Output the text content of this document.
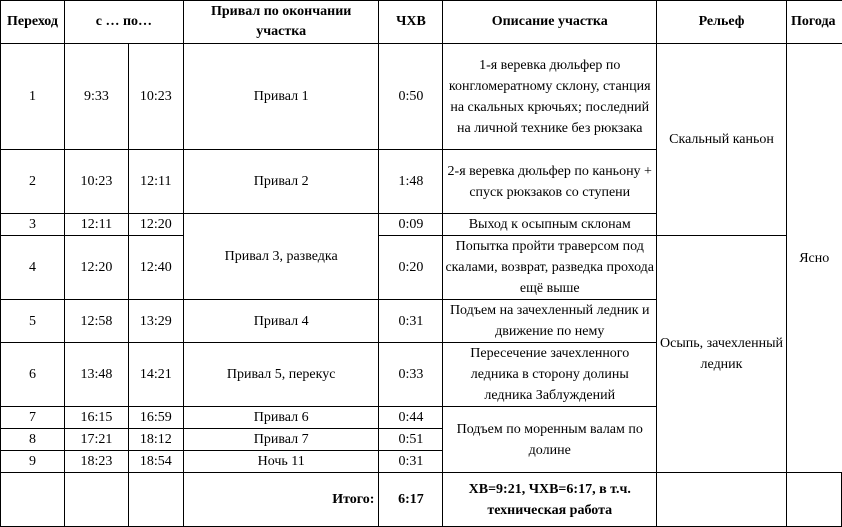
Переход	с … по…		Привал по окончании участка	ЧХВ	Описание участка	Рельеф	Погода
1	9:33	10:23	Привал 1	0:50	1-я веревка дюльфер по конгломератному склону, станция на скальных крючьях; последний на личной технике без рюкзака	Скальный каньон	Ясно
2	10:23	12:11	Привал 2	1:48	2-я веревка дюльфер по каньону + спуск рюкзаков со ступени		
3	12:11	12:20	Привал 3, разведка	0:09	Выход к осыпным склонам		
4	12:20	12:40		0:20	Попытка пройти траверсом под скалами, возврат, разведка прохода ещё выше	Осыпь, зачехленный ледник	
5	12:58	13:29	Привал 4	0:31	Подъем на зачехленный ледник и движение по нему		
6	13:48	14:21	Привал 5, перекус	0:33	Пересечение зачехленного ледника в сторону долины ледника Заблуждений		
7	16:15	16:59	Привал 6	0:44	Подъем по моренным валам по долине		
8	17:21	18:12	Привал 7	0:51			
9	18:23	18:54	Ночь 11	0:31			
			Итого:	6:17	ХВ=9:21, ЧХВ=6:17, в т.ч. техническая работа		
